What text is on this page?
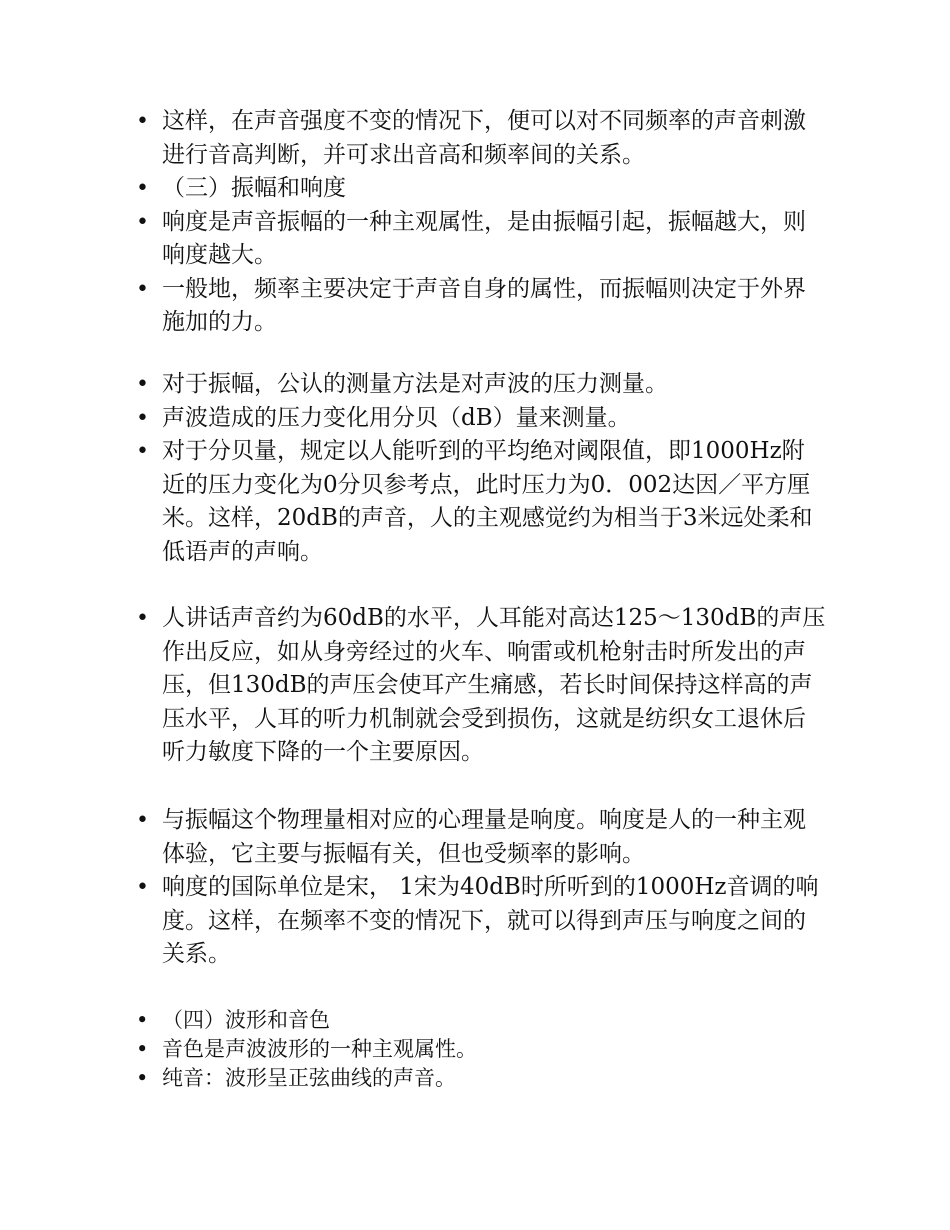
• 这样，在声音强度不变的情况下，便可以对不同频率的声音刺激进行音高判断，并可求出音高和频率间的关系。
• （三）振幅和响度
• 响度是声音振幅的一种主观属性，是由振幅引起，振幅越大，则响度越大。
• 一般地，频率主要决定于声音自身的属性，而振幅则决定于外界施加的力。
• 对于振幅，公认的测量方法是对声波的压力测量。
• 声波造成的压力变化用分贝（dB）量来测量。
• 对于分贝量，规定以人能听到的平均绝对阈限值，即1000Hz附近的压力变化为0分贝参考点，此时压力为0．002达因／平方厘米。这样，20dB的声音，人的主观感觉约为相当于3米远处柔和低语声的声响。
• 人讲话声音约为60dB的水平，人耳能对高达125～130dB的声压作出反应，如从身旁经过的火车、响雷或机枪射击时所发出的声压，但130dB的声压会使耳产生痛感，若长时间保持这样高的声压水平，人耳的听力机制就会受到损伤，这就是纺织女工退休后听力敏度下降的一个主要原因。
• 与振幅这个物理量相对应的心理量是响度。响度是人的一种主观体验，它主要与振幅有关，但也受频率的影响。
• 响度的国际单位是宋， 1宋为40dB时所听到的1000Hz音调的响度。这样，在频率不变的情况下，就可以得到声压与响度之间的关系。
• （四）波形和音色
• 音色是声波波形的一种主观属性。
• 纯音：波形呈正弦曲线的声音。
